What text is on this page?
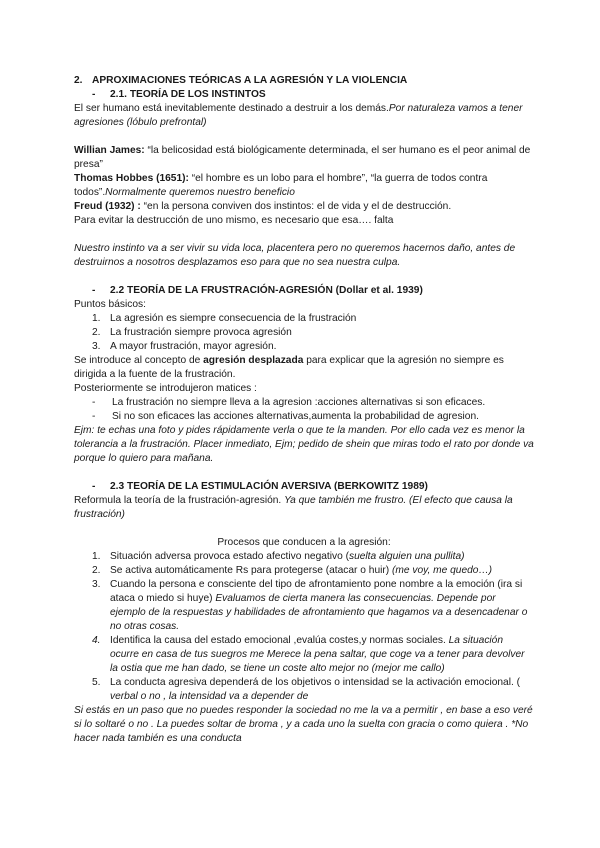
2. APROXIMACIONES TEÓRICAS A LA AGRESIÓN Y LA VIOLENCIA
- 2.1. TEORÍA DE LOS INSTINTOS
El ser humano está inevitablemente destinado a destruir a los demás.Por naturaleza vamos a tener agresiones (lóbulo prefrontal)
Willian James: “la belicosidad está biológicamente determinada, el ser humano es el peor animal de presa”
Thomas Hobbes (1651): “el hombre es un lobo para el hombre”, “la guerra de todos contra todos”.Normalmente queremos nuestro beneficio
Freud (1932) : “en la persona conviven dos instintos: el de vida y el de destrucción.
Para evitar la destrucción de uno mismo, es necesario que esa…. falta
Nuestro instinto va a ser vivir su vida loca, placentera pero no queremos hacernos daño, antes de destruirnos a nosotros desplazamos eso para que no sea nuestra culpa.
- 2.2 TEORÍA DE LA FRUSTRACIÓN-AGRESIÓN (Dollar et al. 1939)
Puntos básicos:
1. La agresión es siempre consecuencia de la frustración
2. La frustración siempre provoca agresión
3. A mayor frustración, mayor agresión.
Se introduce al concepto de agresión desplazada para explicar que la agresión no siempre es dirigida a la fuente de la frustración.
Posteriormente se introdujeron matices :
- La frustración no siempre lleva a la agresion :acciones alternativas si son eficaces.
- Si no son eficaces las acciones alternativas,aumenta la probabilidad de agresion.
Ejm: te echas una foto y pides rápidamente verla o que te la manden. Por ello cada vez es menor la tolerancia a la frustración. Placer inmediato, Ejm; pedido de shein que miras todo el rato por donde va porque lo quiero para mañana.
- 2.3 TEORÍA DE LA ESTIMULACIÓN AVERSIVA (BERKOWITZ 1989)
Reformula la teoría de la frustración-agresión. Ya que también me frustro. (El efecto que causa la frustración)
Procesos que conducen a la agresión:
1. Situación adversa provoca estado afectivo negativo (suelta alguien una pullita)
2. Se activa automáticamente Rs para protegerse (atacar o huir) (me voy, me quedo…)
3. Cuando la persona e consciente del tipo de afrontamiento pone nombre a la emoción (ira si ataca o miedo si huye) Evaluamos de cierta manera las consecuencias. Depende por ejemplo de la respuestas y habilidades de afrontamiento que hagamos va a desencadenar o no otras cosas.
4. Identifica la causa del estado emocional ,evalúa costes,y normas sociales. La situación ocurre en casa de tus suegros me Merece la pena saltar, que coge va a tener para devolver la ostia que me han dado, se tiene un coste alto mejor no (mejor me callo)
5. La conducta agresiva dependerá de los objetivos o intensidad se la activación emocional. ( verbal o no , la intensidad va a depender de
Si estás en un paso que no puedes responder la sociedad no me la va a permitir , en base a eso veré si lo soltaré o no . La puedes soltar de broma , y a cada uno la suelta con gracia o como quiera . *No hacer nada también es una conducta
